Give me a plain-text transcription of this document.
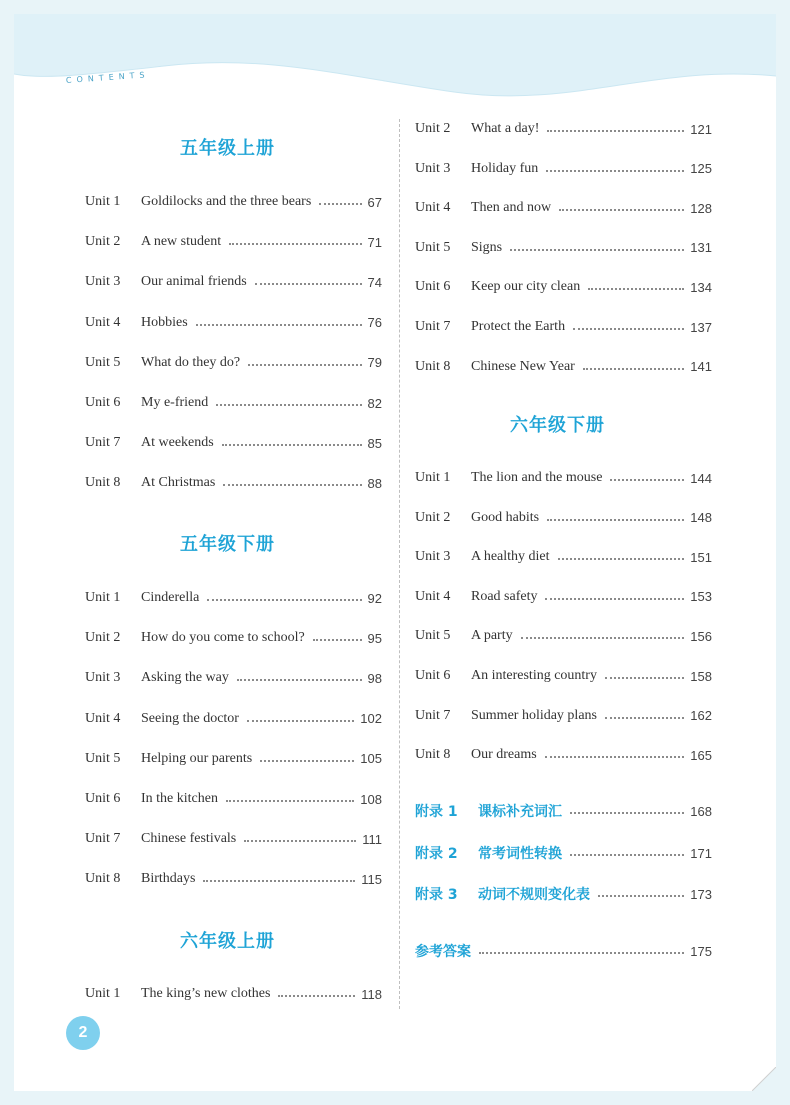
CONTENTS
五年级上册
Unit 1	Goldilocks and the three bears	67
Unit 2	A new student	71
Unit 3	Our animal friends	74
Unit 4	Hobbies	76
Unit 5	What do they do?	79
Unit 6	My e-friend	82
Unit 7	At weekends	85
Unit 8	At Christmas	88
五年级下册
Unit 1	Cinderella	92
Unit 2	How do you come to school?	95
Unit 3	Asking the way	98
Unit 4	Seeing the doctor	102
Unit 5	Helping our parents	105
Unit 6	In the kitchen	108
Unit 7	Chinese festivals	111
Unit 8	Birthdays	115
六年级上册
Unit 1	The king’s new clothes	118
Unit 2	What a day!	121
Unit 3	Holiday fun	125
Unit 4	Then and now	128
Unit 5	Signs	131
Unit 6	Keep our city clean	134
Unit 7	Protect the Earth	137
Unit 8	Chinese New Year	141
六年级下册
Unit 1	The lion and the mouse	144
Unit 2	Good habits	148
Unit 3	A healthy diet	151
Unit 4	Road safety	153
Unit 5	A party	156
Unit 6	An interesting country	158
Unit 7	Summer holiday plans	162
Unit 8	Our dreams	165
附录 1	课标补充词汇	168
附录 2	常考词性转换	171
附录 3	动词不规则变化表	173
参考答案	175
2
